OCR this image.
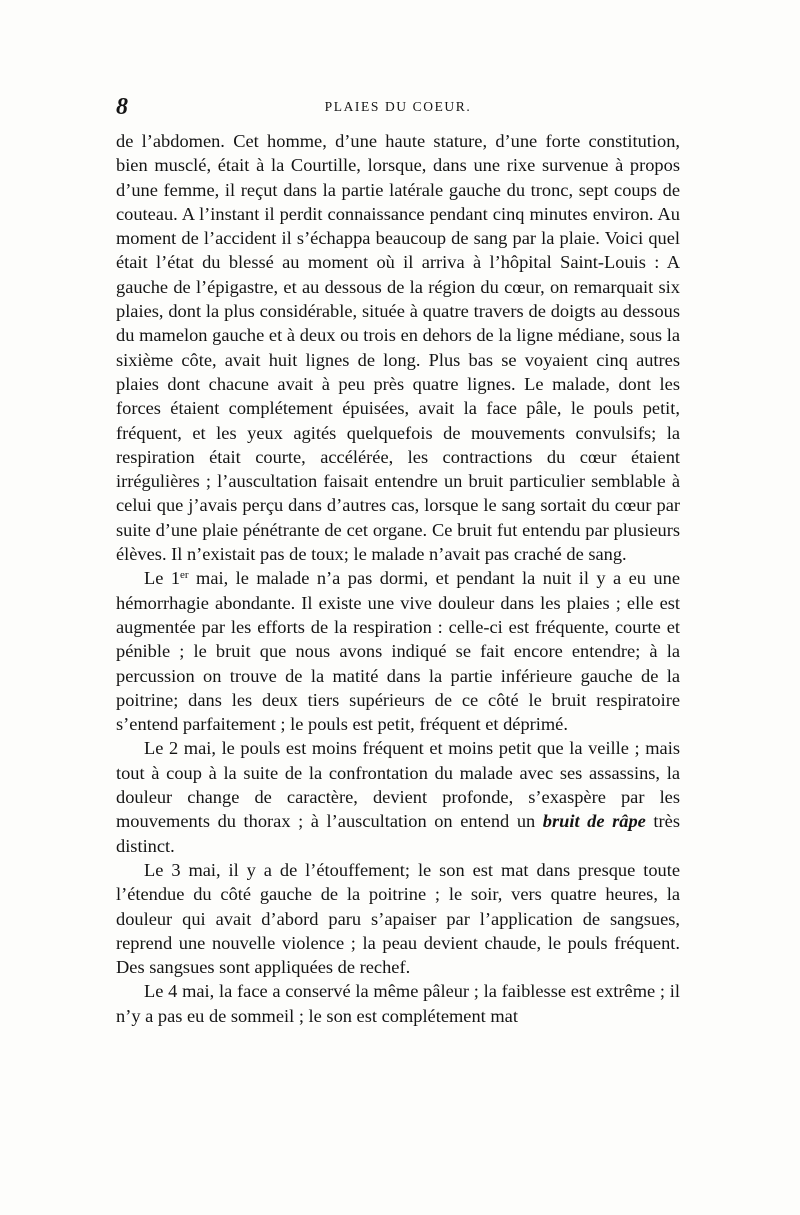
8	PLAIES DU COEUR.

de l’abdomen. Cet homme, d’une haute stature, d’une forte constitution, bien musclé, était à la Courtille, lorsque, dans une rixe survenue à propos d’une femme, il reçut dans la partie latérale gauche du tronc, sept coups de couteau. A l’instant il perdit connaissance pendant cinq minutes environ. Au moment de l’accident il s’échappa beaucoup de sang par la plaie. Voici quel était l’état du blessé au moment où il arriva à l’hôpital Saint-Louis : A gauche de l’épigastre, et au dessous de la région du cœur, on remarquait six plaies, dont la plus considérable, située à quatre travers de doigts au dessous du mamelon gauche et à deux ou trois en dehors de la ligne médiane, sous la sixième côte, avait huit lignes de long. Plus bas se voyaient cinq autres plaies dont chacune avait à peu près quatre lignes. Le malade, dont les forces étaient complétement épuisées, avait la face pâle, le pouls petit, fréquent, et les yeux agités quelquefois de mouvements convulsifs; la respiration était courte, accélérée, les contractions du cœur étaient irrégulières ; l’auscultation faisait entendre un bruit particulier semblable à celui que j’avais perçu dans d’autres cas, lorsque le sang sortait du cœur par suite d’une plaie pénétrante de cet organe. Ce bruit fut entendu par plusieurs élèves. Il n’existait pas de toux; le malade n’avait pas craché de sang.

Le 1er mai, le malade n’a pas dormi, et pendant la nuit il y a eu une hémorrhagie abondante. Il existe une vive douleur dans les plaies ; elle est augmentée par les efforts de la respiration : celle-ci est fréquente, courte et pénible ; le bruit que nous avons indiqué se fait encore entendre; à la percussion on trouve de la matité dans la partie inférieure gauche de la poitrine; dans les deux tiers supérieurs de ce côté le bruit respiratoire s’entend parfaitement ; le pouls est petit, fréquent et déprimé.

Le 2 mai, le pouls est moins fréquent et moins petit que la veille ; mais tout à coup à la suite de la confrontation du malade avec ses assassins, la douleur change de caractère, devient profonde, s’exaspère par les mouvements du thorax ; à l’auscultation on entend un bruit de râpe très distinct.

Le 3 mai, il y a de l’étouffement; le son est mat dans presque toute l’étendue du côté gauche de la poitrine ; le soir, vers quatre heures, la douleur qui avait d’abord paru s’apaiser par l’application de sangsues, reprend une nouvelle violence ; la peau devient chaude, le pouls fréquent. Des sangsues sont appliquées de rechef.

Le 4 mai, la face a conservé la même pâleur ; la faiblesse est extrême ; il n’y a pas eu de sommeil ; le son est complétement mat
